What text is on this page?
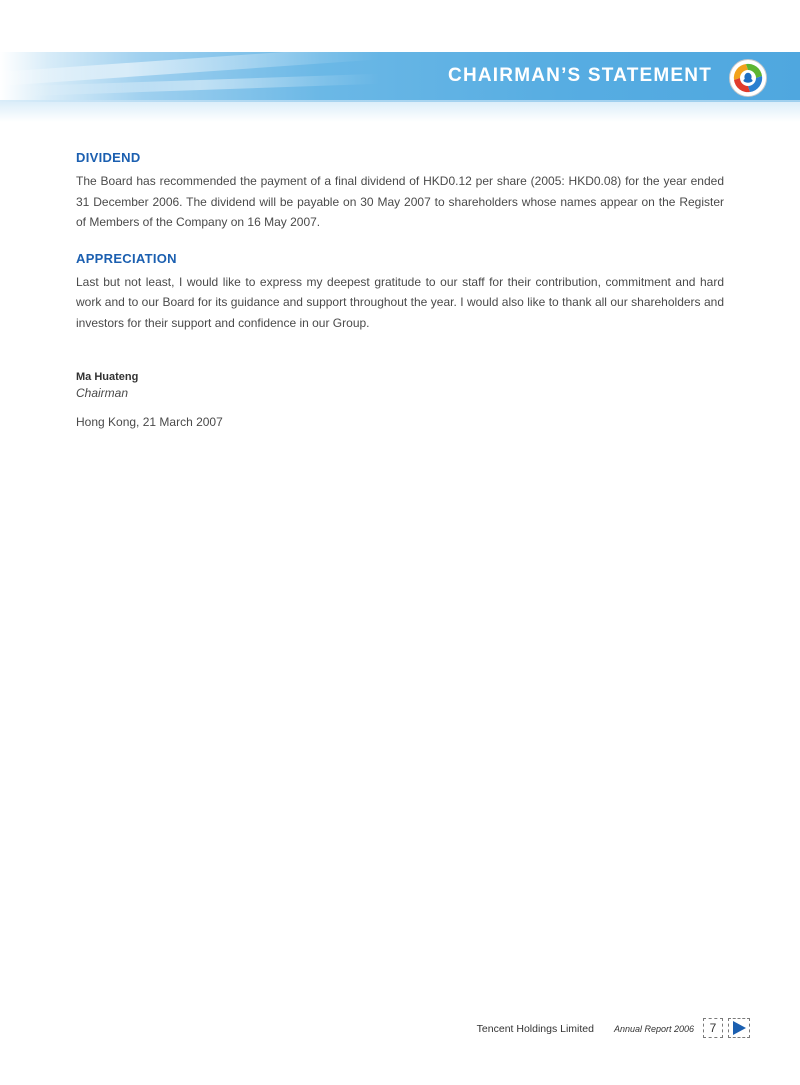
CHAIRMAN’S STATEMENT
DIVIDEND

The Board has recommended the payment of a final dividend of HKD0.12 per share (2005: HKD0.08) for the year ended 31 December 2006. The dividend will be payable on 30 May 2007 to shareholders whose names appear on the Register of Members of the Company on 16 May 2007.

APPRECIATION

Last but not least, I would like to express my deepest gratitude to our staff for their contribution, commitment and hard work and to our Board for its guidance and support throughout the year. I would also like to thank all our shareholders and investors for their support and confidence in our Group.

Ma Huateng
Chairman
Hong Kong, 21 March 2007
Tencent Holdings Limited Annual Report 2006	7
